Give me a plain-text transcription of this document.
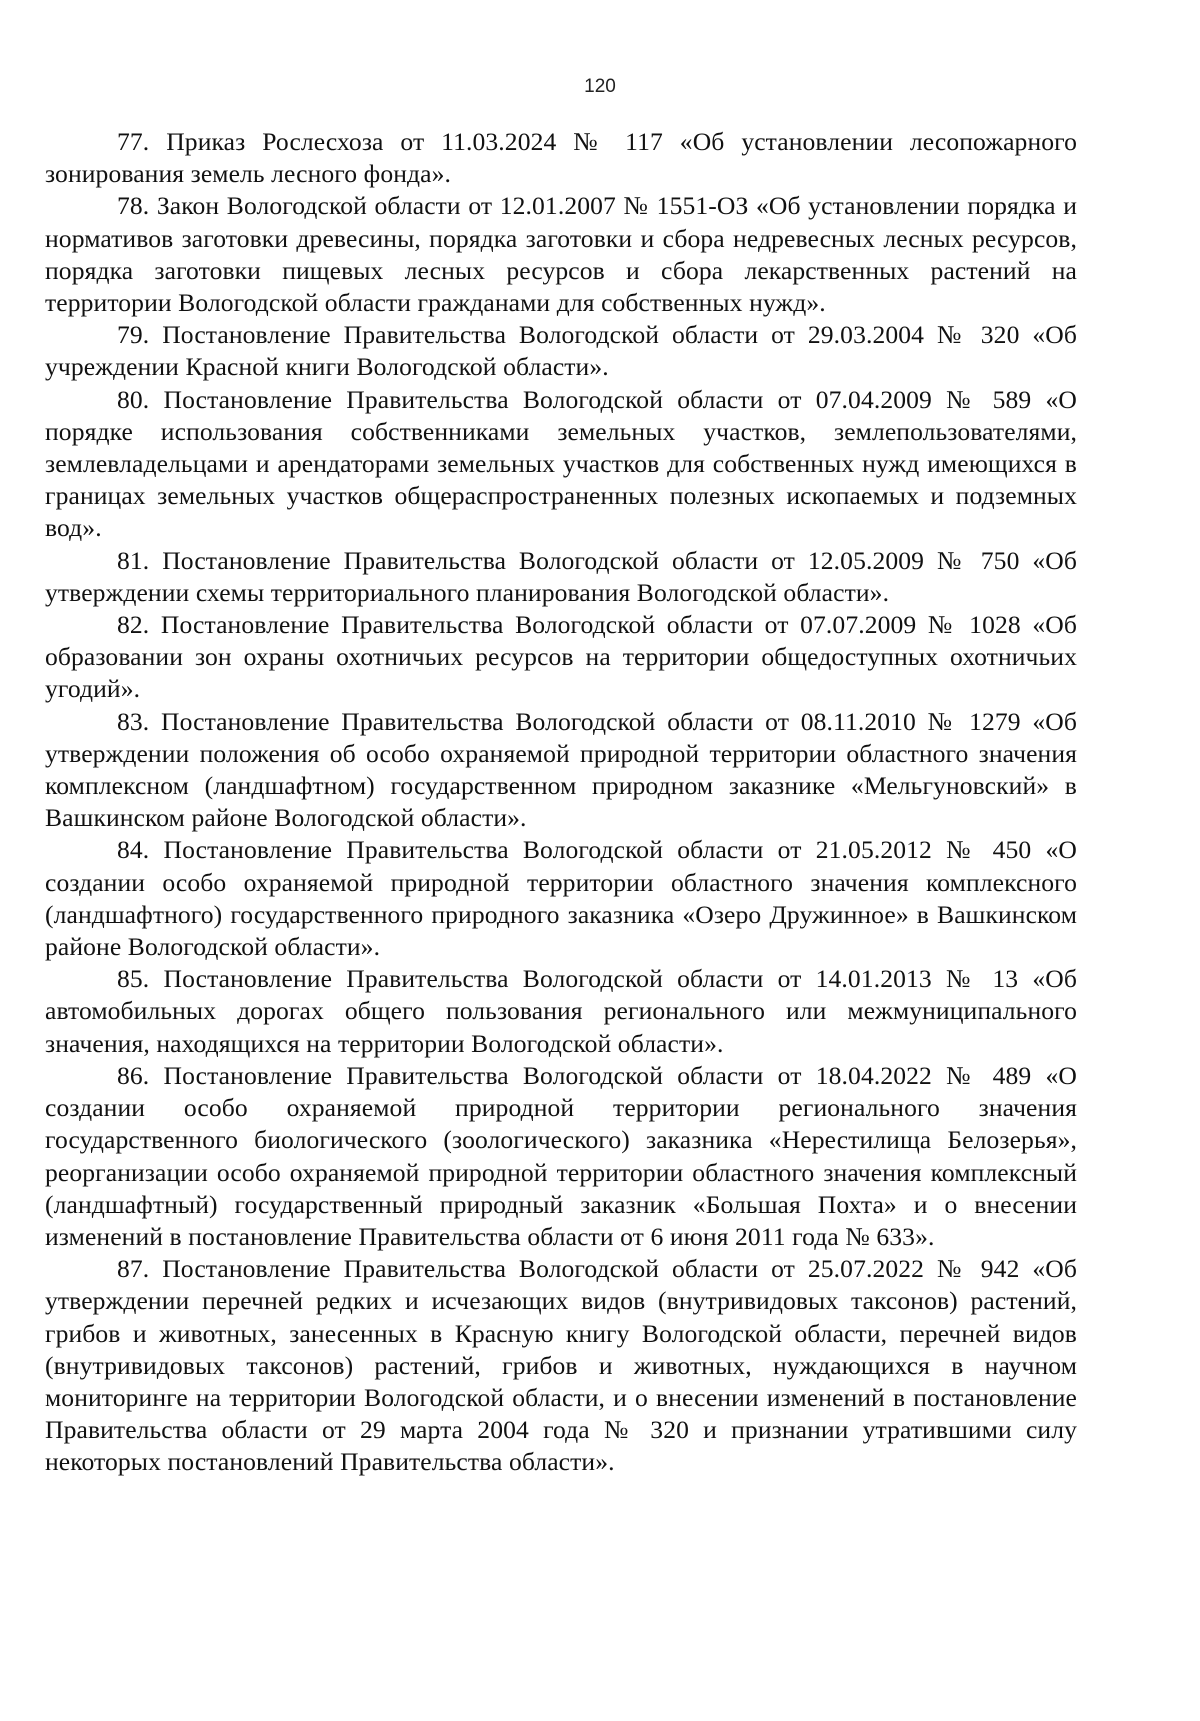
120

77. Приказ Рослесхоза от 11.03.2024 № 117 «Об установлении лесопожарного зонирования земель лесного фонда».

78. Закон Вологодской области от 12.01.2007 № 1551-ОЗ «Об установлении порядка и нормативов заготовки древесины, порядка заготовки и сбора недревесных лесных ресурсов, порядка заготовки пищевых лесных ресурсов и сбора лекарственных растений на территории Вологодской области гражданами для собственных нужд».

79. Постановление Правительства Вологодской области от 29.03.2004 № 320 «Об учреждении Красной книги Вологодской области».

80. Постановление Правительства Вологодской области от 07.04.2009 № 589 «О порядке использования собственниками земельных участков, землепользователями, землевладельцами и арендаторами земельных участков для собственных нужд имеющихся в границах земельных участков общераспространенных полезных ископаемых и подземных вод».

81. Постановление Правительства Вологодской области от 12.05.2009 № 750 «Об утверждении схемы территориального планирования Вологодской области».

82. Постановление Правительства Вологодской области от 07.07.2009 № 1028 «Об образовании зон охраны охотничьих ресурсов на территории общедоступных охотничьих угодий».

83. Постановление Правительства Вологодской области от 08.11.2010 № 1279 «Об утверждении положения об особо охраняемой природной территории областного значения комплексном (ландшафтном) государственном природном заказнике «Мельгуновский» в Вашкинском районе Вологодской области».

84. Постановление Правительства Вологодской области от 21.05.2012 № 450 «О создании особо охраняемой природной территории областного значения комплексного (ландшафтного) государственного природного заказника «Озеро Дружинное» в Вашкинском районе Вологодской области».

85. Постановление Правительства Вологодской области от 14.01.2013 № 13 «Об автомобильных дорогах общего пользования регионального или межмуниципального значения, находящихся на территории Вологодской области».

86. Постановление Правительства Вологодской области от 18.04.2022 № 489 «О создании особо охраняемой природной территории регионального значения государственного биологического (зоологического) заказника «Нерестилища Белозерья», реорганизации особо охраняемой природной территории областного значения комплексный (ландшафтный) государственный природный заказник «Большая Похта» и о внесении изменений в постановление Правительства области от 6 июня 2011 года № 633».

87. Постановление Правительства Вологодской области от 25.07.2022 № 942 «Об утверждении перечней редких и исчезающих видов (внутривидовых таксонов) растений, грибов и животных, занесенных в Красную книгу Вологодской области, перечней видов (внутривидовых таксонов) растений, грибов и животных, нуждающихся в научном мониторинге на территории Вологодской области, и о внесении изменений в постановление Правительства области от 29 марта 2004 года № 320 и признании утратившими силу некоторых постановлений Правительства области».
